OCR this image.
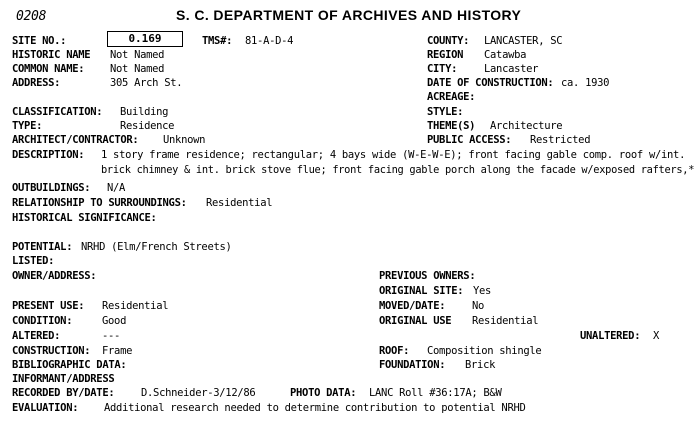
0208	S. C. DEPARTMENT OF ARCHIVES AND HISTORY
SITE NO.:	0.169	TMS#: 81-A-D-4	COUNTY: LANCASTER, SC
HISTORIC NAME Not Named	REGION Catawba
COMMON NAME: Not Named	CITY:	Lancaster
ADDRESS:	305 Arch St.	DATE OF CONSTRUCTION: ca. 1930
ACREAGE:
CLASSIFICATION: Building	STYLE:
TYPE:	Residence	THEME(S) Architecture
ARCHITECT/CONTRACTOR: Unknown	PUBLIC ACCESS: Restricted
DESCRIPTION: 1 story frame residence; rectangular; 4 bays wide (W-E-W-E); front facing gable comp. roof w/int.
brick chimney & int. brick stove flue; front facing gable porch along the facade w/exposed rafters,*
OUTBUILDINGS: N/A
RELATIONSHIP TO SURROUNDINGS: Residential
HISTORICAL SIGNIFICANCE:
POTENTIAL: NRHD (Elm/French Streets)
LISTED:
OWNER/ADDRESS:	PREVIOUS OWNERS:
ORIGINAL SITE: Yes
PRESENT USE: Residential	MOVED/DATE:	No
CONDITION:	Good	ORIGINAL USE Residential
ALTERED:	---	UNALTERED: X
CONSTRUCTION: Frame	ROOF: Composition shingle
BIBLIOGRAPHIC DATA:	FOUNDATION: Brick
INFORMANT/ADDRESS
RECORDED BY/DATE:	D.Schneider-3/12/86	PHOTO DATA: LANC Roll #36:17A; B&W
EVALUATION: Additional research needed to determine contribution to potential NRHD
